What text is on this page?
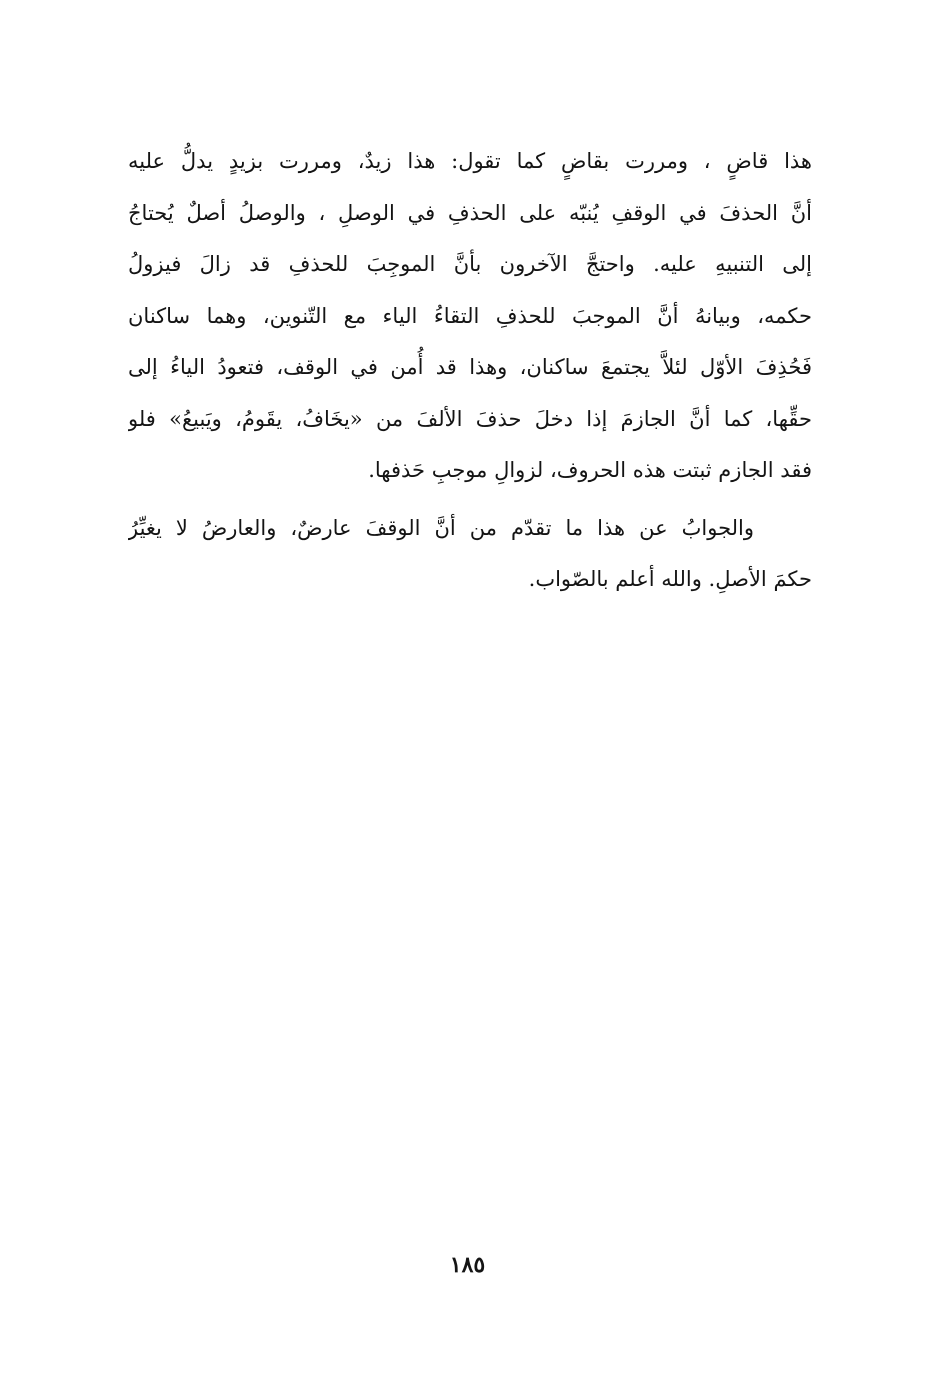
هذا قاضٍ ، ومررت بقاضٍ كما تقول: هذا زيدٌ، ومررت بزيدٍ يدلُّ عليه
أنَّ الحذفَ في الوقفِ يُنبّه على الحذفِ في الوصلِ ، والوصلُ أصلٌ يُحتاجُ
إلى التنبيهِ عليه. واحتجَّ الآخرون بأنَّ الموجِبَ للحذفِ قد زالَ فيزولُ
حكمه، وبيانهُ أنَّ الموجبَ للحذفِ التقاءُ الياء مع التّنوين، وهما ساكنان
فَحُذِفَ الأوّل لئلاَّ يجتمعَ ساكنان، وهذا قد أُمن في الوقف، فتعودُ الياءُ إلى
حقِّها، كما أنَّ الجازمَ إذا دخلَ حذفَ الألفَ من «يخَافُ، يقَومُ، ويَبيعُ» فلو
فقد الجازم ثبتت هذه الحروف، لزوالِ موجبِ حَذفها.
والجوابُ عن هذا ما تقدّم من أنَّ الوقفَ عارضٌ، والعارضُ لا يغيِّرُ
حكمَ الأصلِ. والله أعلم بالصّواب.
١٨٥
